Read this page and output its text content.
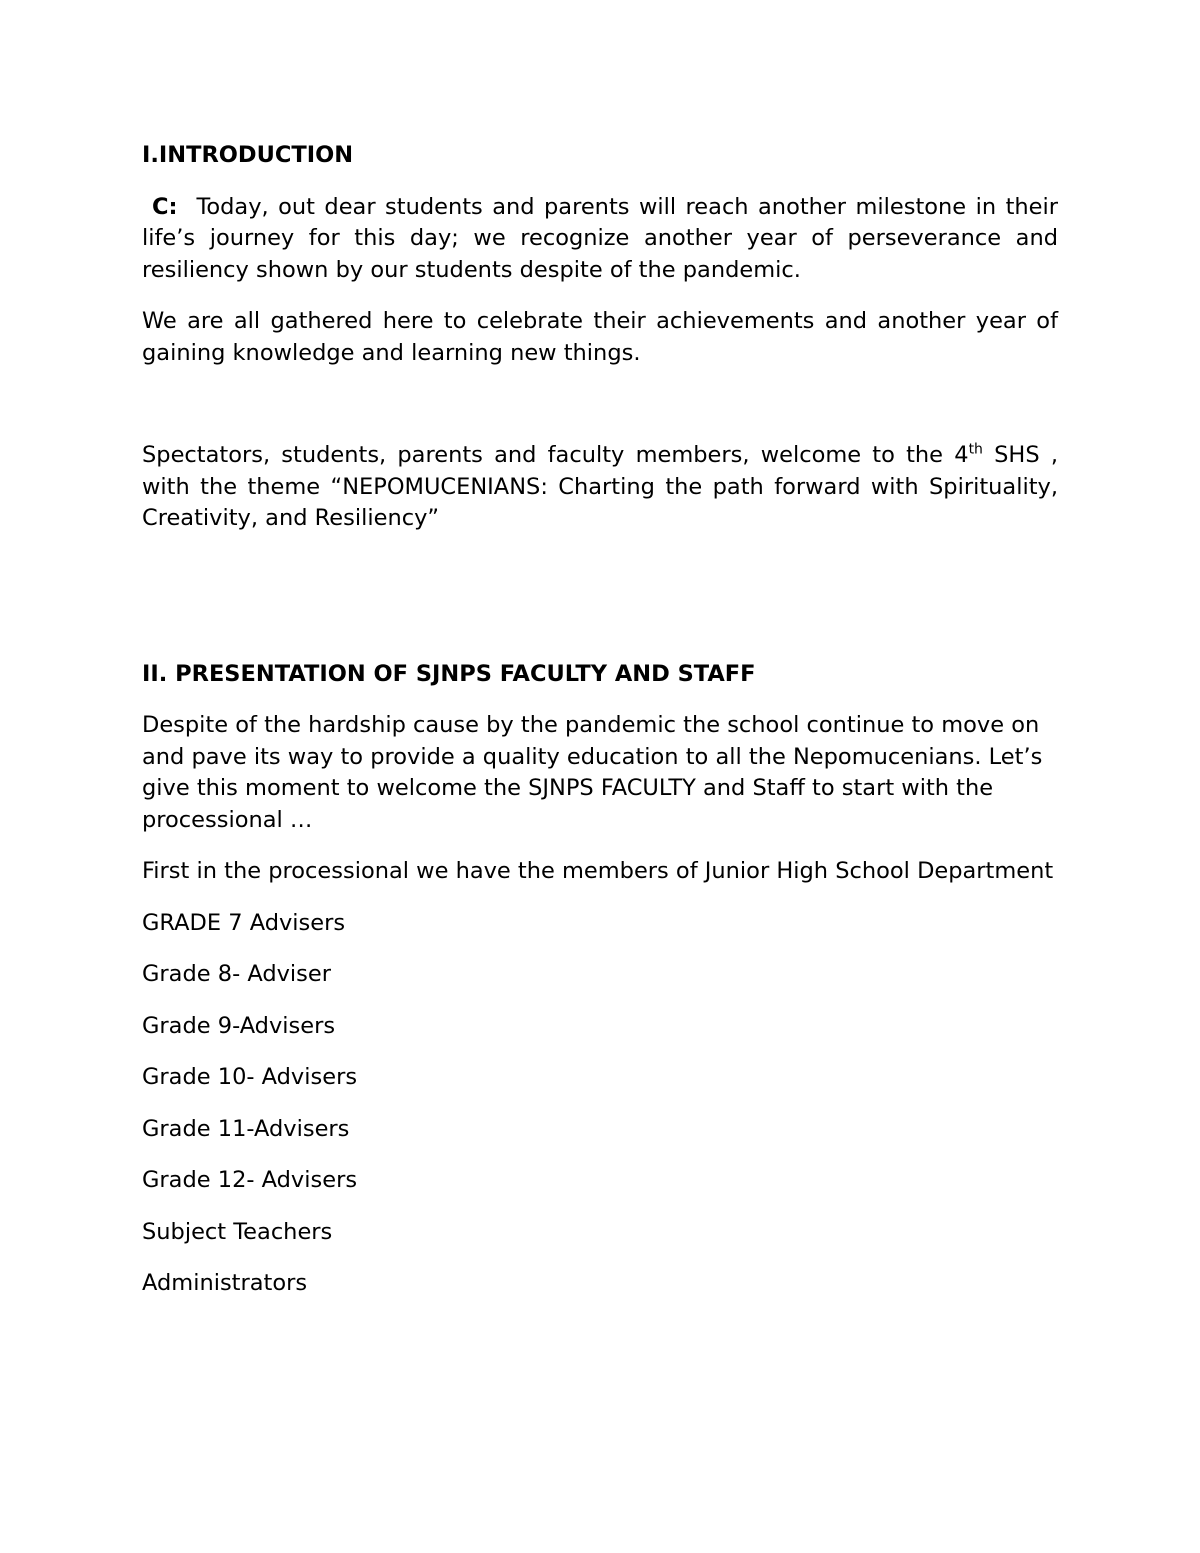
I.INTRODUCTION

C: Today, out dear students and parents will reach another milestone in their life’s journey for this day; we recognize another year of perseverance and resiliency shown by our students despite of the pandemic.

We are all gathered here to celebrate their achievements and another year of gaining knowledge and learning new things.

Spectators, students, parents and faculty members, welcome to the 4th SHS , with the theme “NEPOMUCENIANS: Charting the path forward with Spirituality, Creativity, and Resiliency”

II. PRESENTATION OF SJNPS FACULTY AND STAFF

Despite of the hardship cause by the pandemic the school continue to move on and pave its way to provide a quality education to all the Nepomucenians. Let’s give this moment to welcome the SJNPS FACULTY and Staff to start with the processional …

First in the processional we have the members of Junior High School Department

GRADE 7 Advisers

Grade 8- Adviser

Grade 9-Advisers

Grade 10- Advisers

Grade 11-Advisers

Grade 12- Advisers

Subject Teachers

Administrators
